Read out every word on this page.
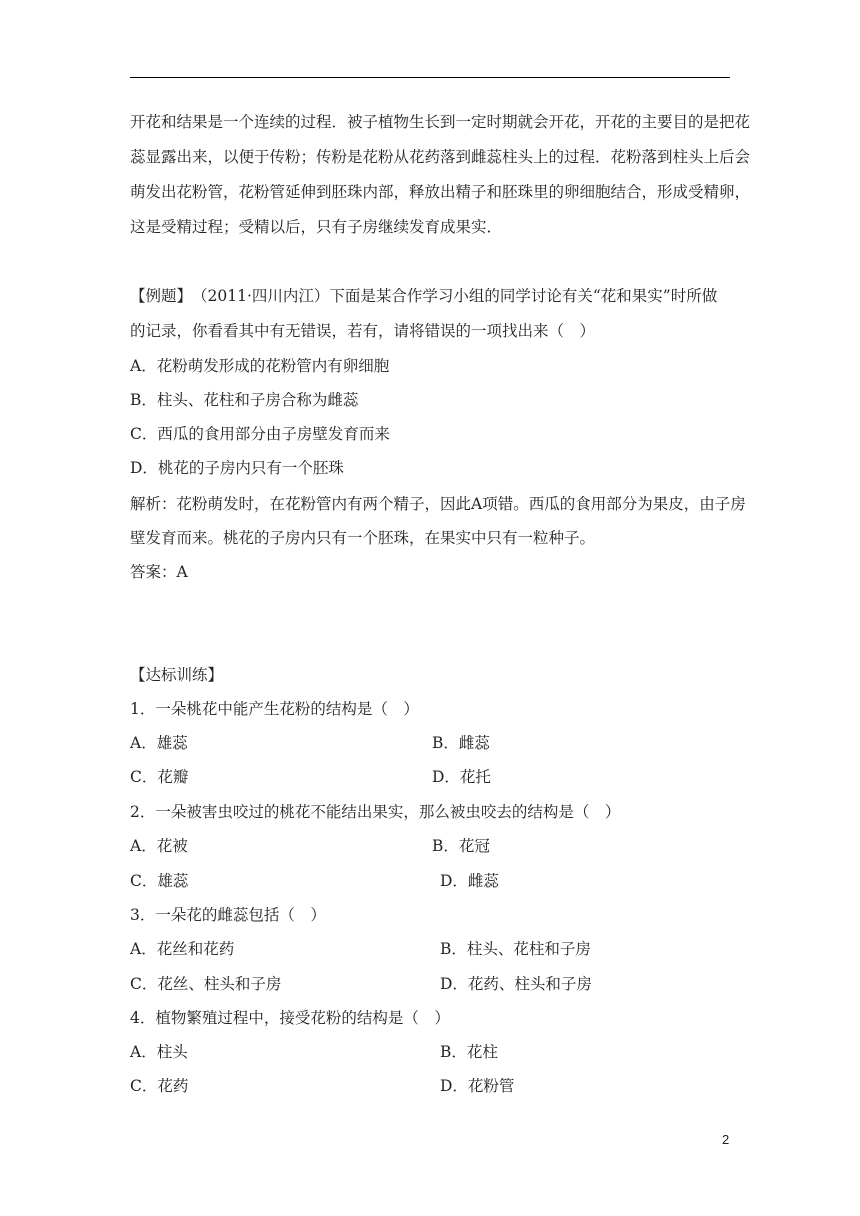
开花和结果是一个连续的过程．被子植物生长到一定时期就会开花，开花的主要目的是把花
蕊显露出来，以便于传粉；传粉是花粉从花药落到雌蕊柱头上的过程．花粉落到柱头上后会
萌发出花粉管，花粉管延伸到胚珠内部，释放出精子和胚珠里的卵细胞结合，形成受精卵，
这是受精过程；受精以后，只有子房继续发育成果实．
【例题】　（2011·四川内江）下面是某合作学习小组的同学讨论有关“花和果实”时所做
的记录，你看看其中有无错误，若有，请将错误的一项找出来（　）
A．花粉萌发形成的花粉管内有卵细胞
B．柱头、花柱和子房合称为雌蕊
C．西瓜的食用部分由子房壁发育而来
D．桃花的子房内只有一个胚珠
解析：花粉萌发时，在花粉管内有两个精子，因此A项错。西瓜的食用部分为果皮，由子房
壁发育而来。桃花的子房内只有一个胚珠，在果实中只有一粒种子。
答案：A
【达标训练】
1．一朵桃花中能产生花粉的结构是（　）
A．雄蕊	B．雌蕊
C．花瓣	D．花托
2．一朵被害虫咬过的桃花不能结出果实，那么被虫咬去的结构是（　）
A．花被	B．花冠
C．雄蕊	D．雌蕊
3．一朵花的雌蕊包括（　）
A．花丝和花药	B．柱头、花柱和子房
C．花丝、柱头和子房	D．花药、柱头和子房
4．植物繁殖过程中，接受花粉的结构是（　）
A．柱头	B．花柱
C．花药	D．花粉管
2
